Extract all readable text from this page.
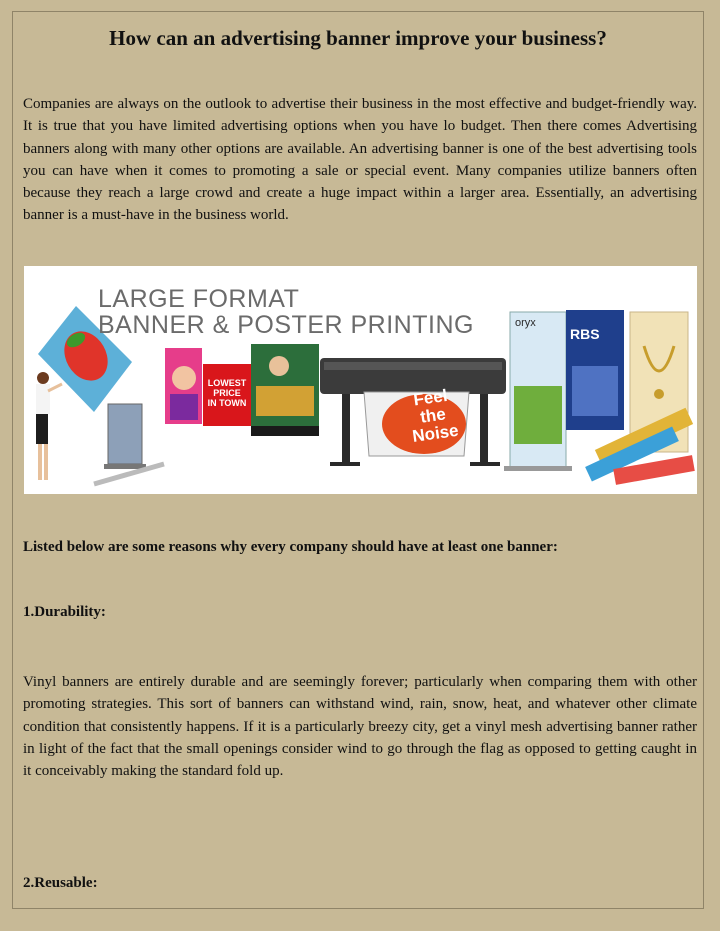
How can an advertising banner improve your business?

Companies are always on the outlook to advertise their business in the most effective and budget-friendly way. It is true that you have limited advertising options when you have lo budget. Then there comes Advertising banners along with many other options are available. An advertising banner is one of the best advertising tools you can have when it comes to promoting a sale or special event. Many companies utilize banners often because they reach a large crowd and create a huge impact within a larger area. Essentially, an advertising banner is a must-have in the business world.

LARGE FORMAT
BANNER & POSTER PRINTING
LOWEST
PRICE
IN TOWN	Feel
the
Noise
oryx
RBS

Listed below are some reasons why every company should have at least one banner:

1.Durability:

Vinyl banners are entirely durable and are seemingly forever; particularly when comparing them with other promoting strategies. This sort of banners can withstand wind, rain, snow, heat, and whatever other climate condition that consistently happens. If it is a particularly breezy city, get a vinyl mesh advertising banner rather in light of the fact that the small openings consider wind to go through the flag as opposed to getting caught in it conceivably making the standard fold up.

2.Reusable:
